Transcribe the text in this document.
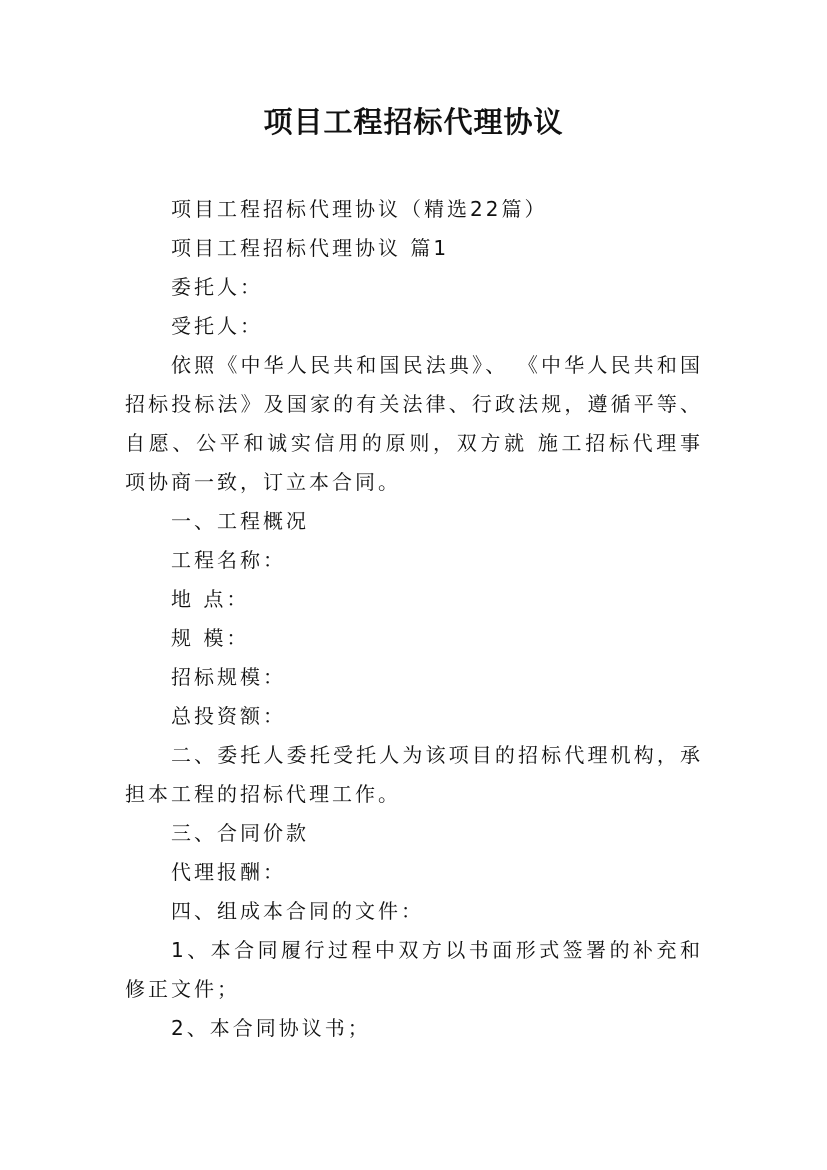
项目工程招标代理协议

项目工程招标代理协议（精选22篇）

项目工程招标代理协议 篇1

委托人：

受托人：

依照《中华人民共和国民法典》、 《中华人民共和国招标投标法》及国家的有关法律、行政法规，遵循平等、 自愿、公平和诚实信用的原则，双方就 施工招标代理事项协商一致，订立本合同。

一、工程概况

工程名称：

地 点：

规 模：

招标规模：

总投资额：

二、委托人委托受托人为该项目的招标代理机构，承担本工程的招标代理工作。

三、合同价款

代理报酬：

四、组成本合同的文件：

1、本合同履行过程中双方以书面形式签署的补充和修正文件；

2、本合同协议书；
